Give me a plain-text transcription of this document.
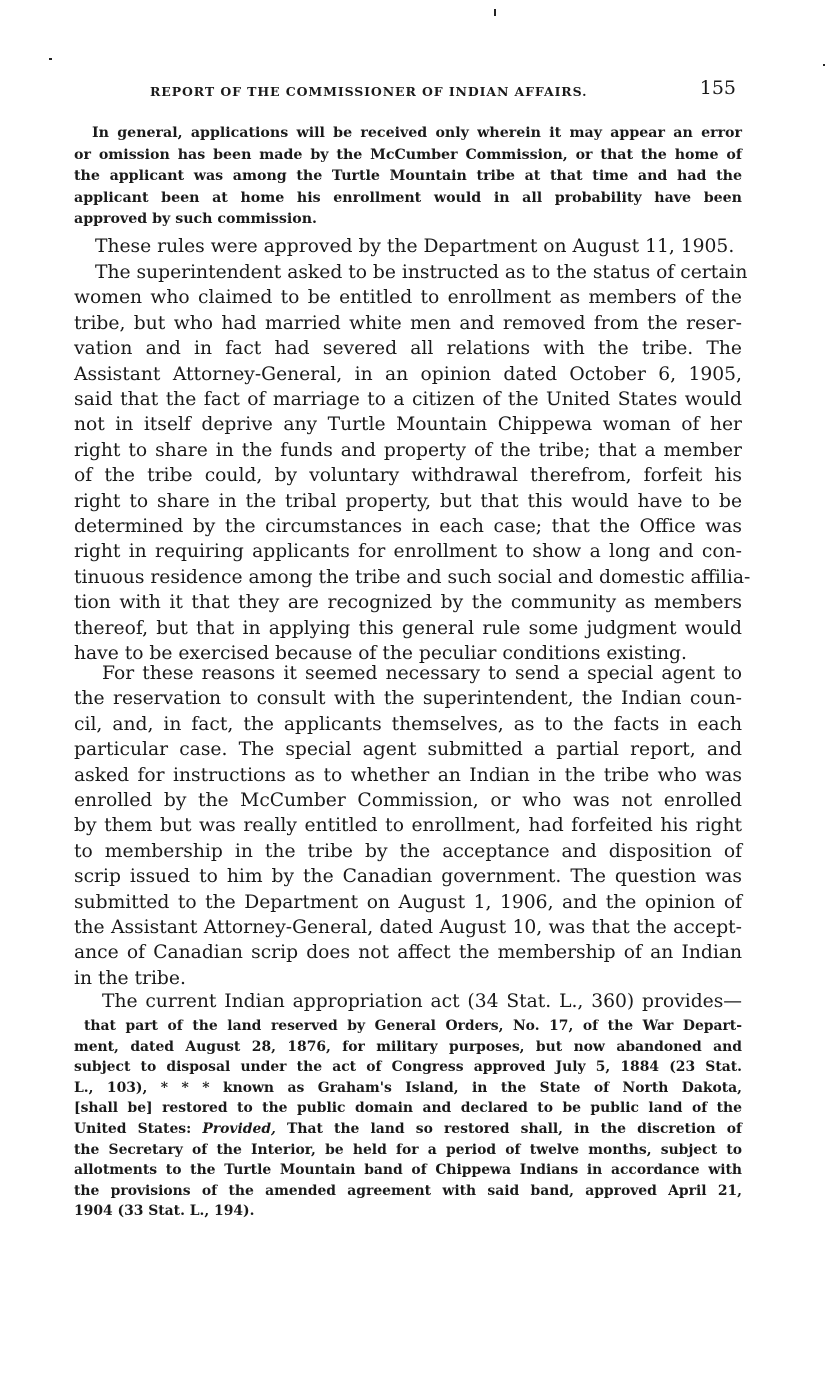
REPORT OF THE COMMISSIONER OF INDIAN AFFAIRS.	155
In general, applications will be received only wherein it may appear an error
or omission has been made by the McCumber Commission, or that the home of
the applicant was among the Turtle Mountain tribe at that time and had the
applicant been at home his enrollment would in all probability have been
approved by such commission.
These rules were approved by the Department on August 11, 1905.
The superintendent asked to be instructed as to the status of certain
women who claimed to be entitled to enrollment as members of the
tribe, but who had married white men and removed from the reser-
vation and in fact had severed all relations with the tribe. The
Assistant Attorney-General, in an opinion dated October 6, 1905,
said that the fact of marriage to a citizen of the United States would
not in itself deprive any Turtle Mountain Chippewa woman of her
right to share in the funds and property of the tribe; that a member
of the tribe could, by voluntary withdrawal therefrom, forfeit his
right to share in the tribal property, but that this would have to be
determined by the circumstances in each case; that the Office was
right in requiring applicants for enrollment to show a long and con-
tinuous residence among the tribe and such social and domestic affilia-
tion with it that they are recognized by the community as members
thereof, but that in applying this general rule some judgment would
have to be exercised because of the peculiar conditions existing.
For these reasons it seemed necessary to send a special agent to
the reservation to consult with the superintendent, the Indian coun-
cil, and, in fact, the applicants themselves, as to the facts in each
particular case. The special agent submitted a partial report, and
asked for instructions as to whether an Indian in the tribe who was
enrolled by the McCumber Commission, or who was not enrolled
by them but was really entitled to enrollment, had forfeited his right
to membership in the tribe by the acceptance and disposition of
scrip issued to him by the Canadian government. The question was
submitted to the Department on August 1, 1906, and the opinion of
the Assistant Attorney-General, dated August 10, was that the accept-
ance of Canadian scrip does not affect the membership of an Indian
in the tribe.
The current Indian appropriation act (34 Stat. L., 360) provides—
that part of the land reserved by General Orders, No. 17, of the War Depart-
ment, dated August 28, 1876, for military purposes, but now abandoned and
subject to disposal under the act of Congress approved July 5, 1884 (23 Stat.
L., 103), * * * known as Graham's Island, in the State of North Dakota,
[shall be] restored to the public domain and declared to be public land of the
United States: Provided, That the land so restored shall, in the discretion of
the Secretary of the Interior, be held for a period of twelve months, subject to
allotments to the Turtle Mountain band of Chippewa Indians in accordance with
the provisions of the amended agreement with said band, approved April 21,
1904 (33 Stat. L., 194).
